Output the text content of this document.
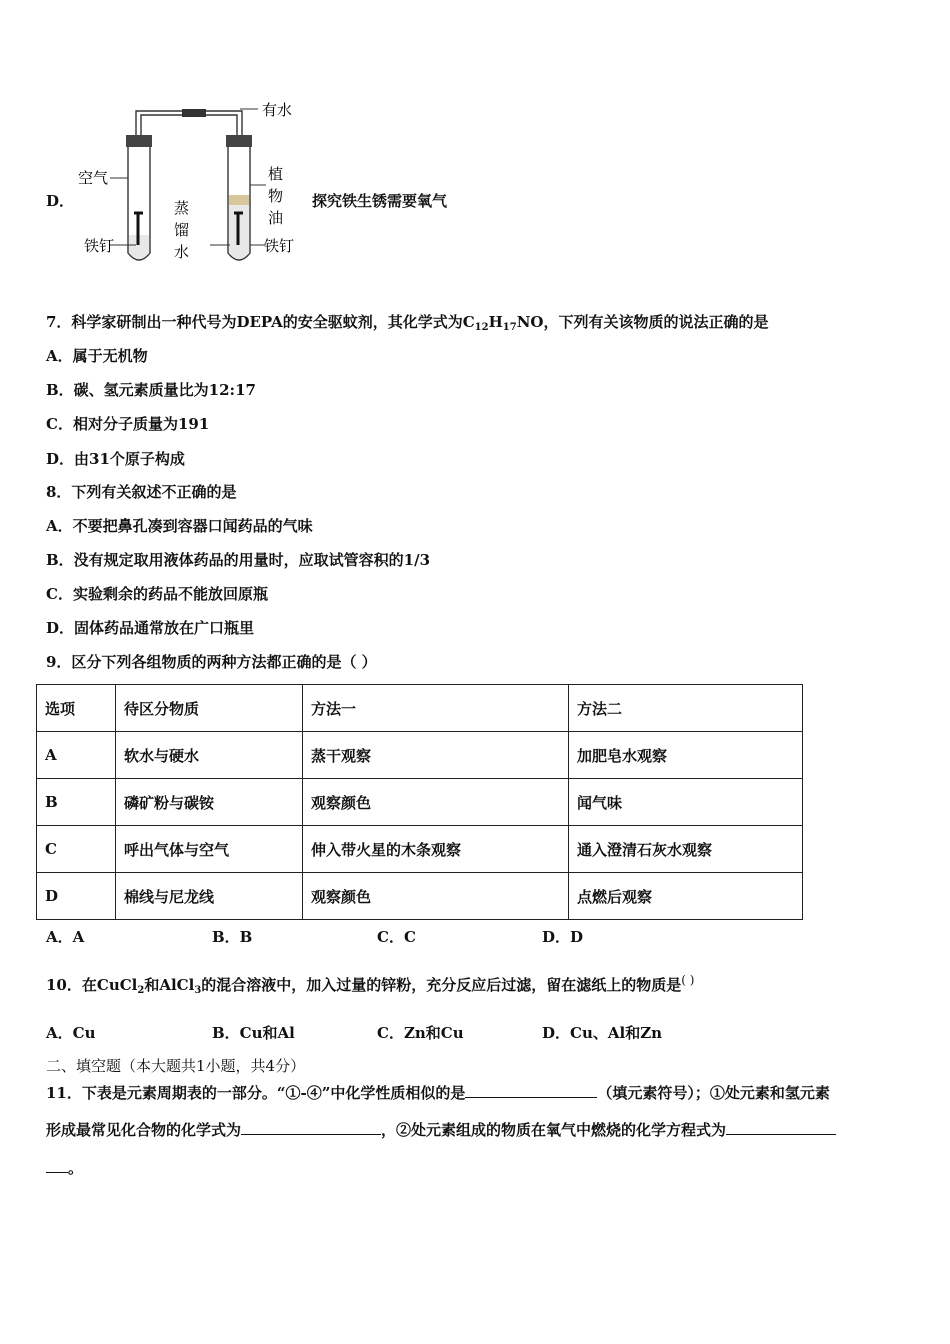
D．
有水
空气
铁钉
蒸
馏
水
植
物
油
铁钉
探究铁生锈需要氧气
7．科学家研制出一种代号为DEPA的安全驱蚊剂，其化学式为$C_{12}H_{17}NO$，下列有关该物质的说法正确的是
A．属于无机物
B．碳、氢元素质量比为12:17
C．相对分子质量为191
D．由31个原子构成
8．下列有关叙述不正确的是
A．不要把鼻孔凑到容器口闻药品的气味
B．没有规定取用液体药品的用量时，应取试管容积的1/3
C．实验剩余的药品不能放回原瓶
D．固体药品通常放在广口瓶里
9．区分下列各组物质的两种方法都正确的是（ ）
选项	待区分物质	方法一	方法二
A	软水与硬水	蒸干观察	加肥皂水观察
B	磷矿粉与碳铵	观察颜色	闻气味
C	呼出气体与空气	伸入带火星的木条观察	通入澄清石灰水观察
D	棉线与尼龙线	观察颜色	点燃后观察
A．A	B．B	C．C	D．D
10．在CuCl$_2$和AlCl$_3$的混合溶液中，加入过量的锌粉，充分反应后过滤，留在滤纸上的物质是( )
A．Cu	B．Cu和Al	C．Zn和Cu	D．Cu、Al和Zn
二、填空题（本大题共1小题，共4分）
11．下表是元素周期表的一部分。“①-④”中化学性质相似的是	（填元素符号）；①处元素和氢元素
形成最常见化合物的化学式为	，②处元素组成的物质在氧气中燃烧的化学方程式为
。
